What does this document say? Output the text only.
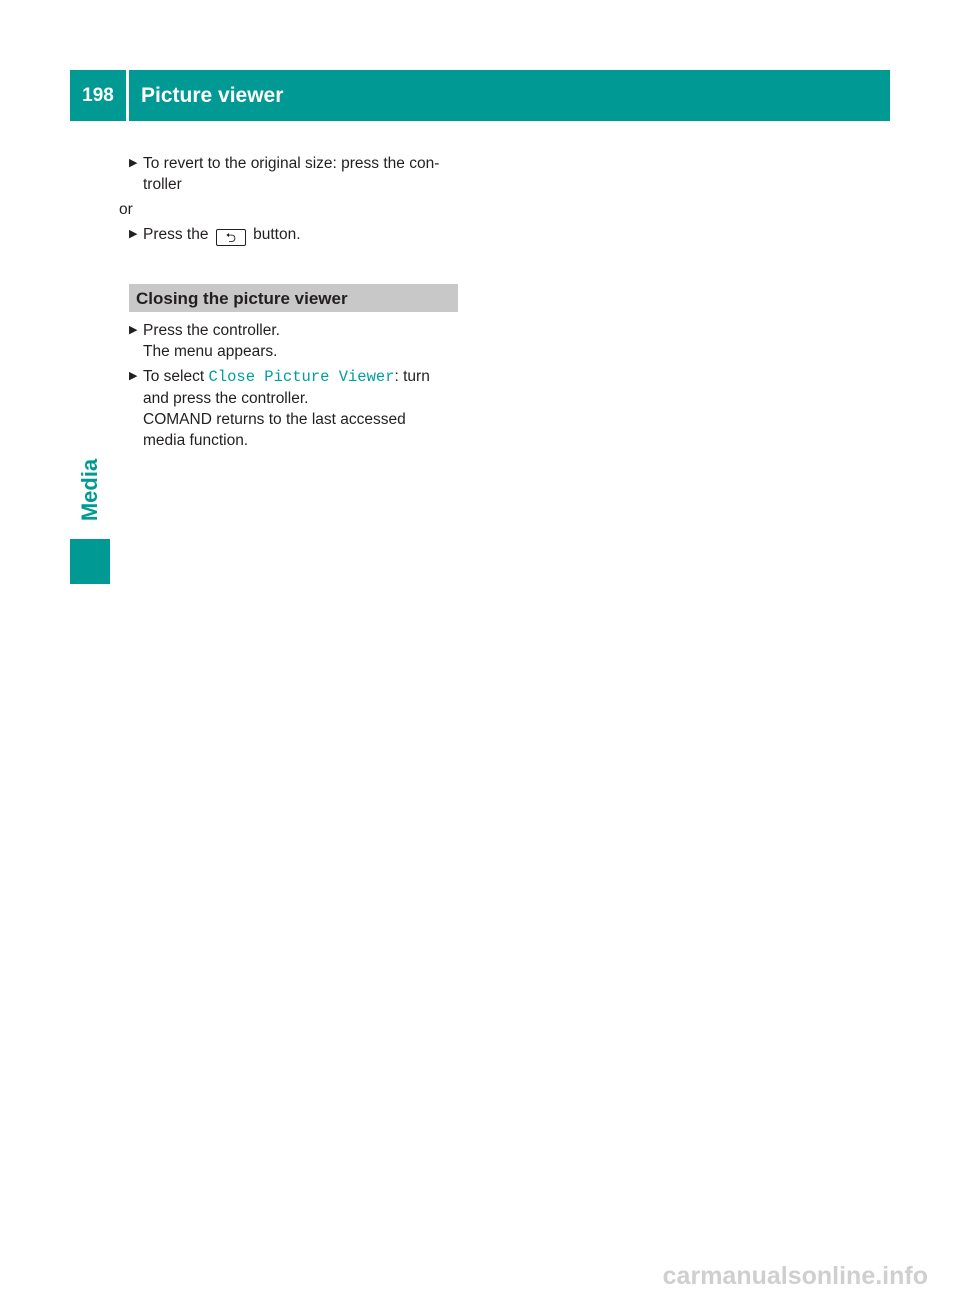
198	Picture viewer
Media
▶ To revert to the original size: press the con-
troller
or
▶ Press the ⮌ button.
Closing the picture viewer
▶ Press the controller.
The menu appears.
▶ To select Close Picture Viewer: turn
and press the controller.
COMAND returns to the last accessed
media function.
carmanualsonline.info
